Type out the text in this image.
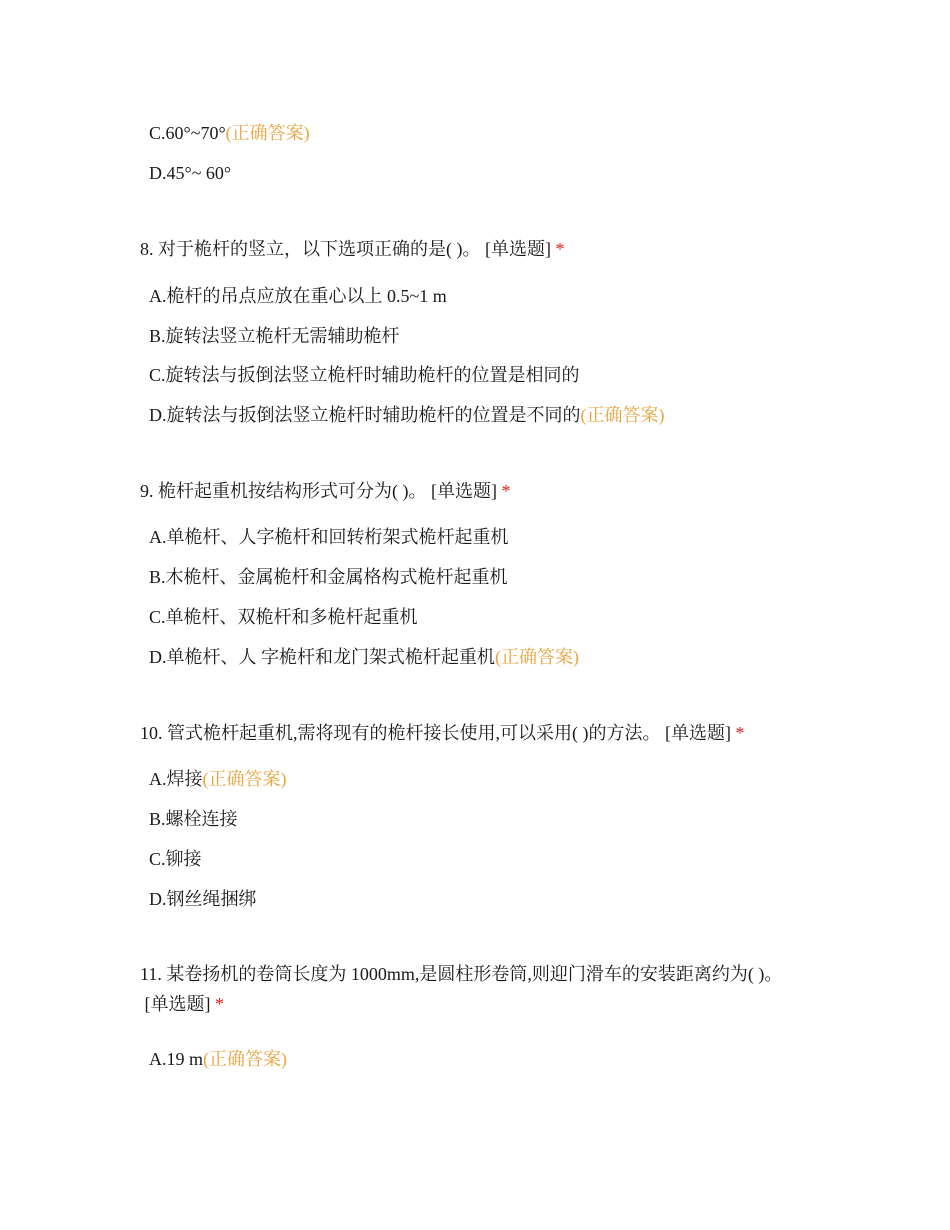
C.60°~70°(正确答案)
D.45°~ 60°
8. 对于桅杆的竖立，以下选项正确的是( )。 [单选题] *
A.桅杆的吊点应放在重心以上 0.5~1 m
B.旋转法竖立桅杆无需辅助桅杆
C.旋转法与扳倒法竖立桅杆时辅助桅杆的位置是相同的
D.旋转法与扳倒法竖立桅杆时辅助桅杆的位置是不同的(正确答案)
9. 桅杆起重机按结构形式可分为( )。 [单选题] *
A.单桅杆、人字桅杆和回转桁架式桅杆起重机
B.木桅杆、金属桅杆和金属格构式桅杆起重机
C.单桅杆、双桅杆和多桅杆起重机
D.单桅杆、人 字桅杆和龙门架式桅杆起重机(正确答案)
10. 管式桅杆起重机,需将现有的桅杆接长使用,可以采用( )的方法。 [单选题] *
A.焊接(正确答案)
B.螺栓连接
C.铆接
D.钢丝绳捆绑
11. 某卷扬机的卷筒长度为 1000mm,是圆柱形卷筒,则迎门滑车的安装距离约为( )。 [单选题] *
A.19 m(正确答案)
